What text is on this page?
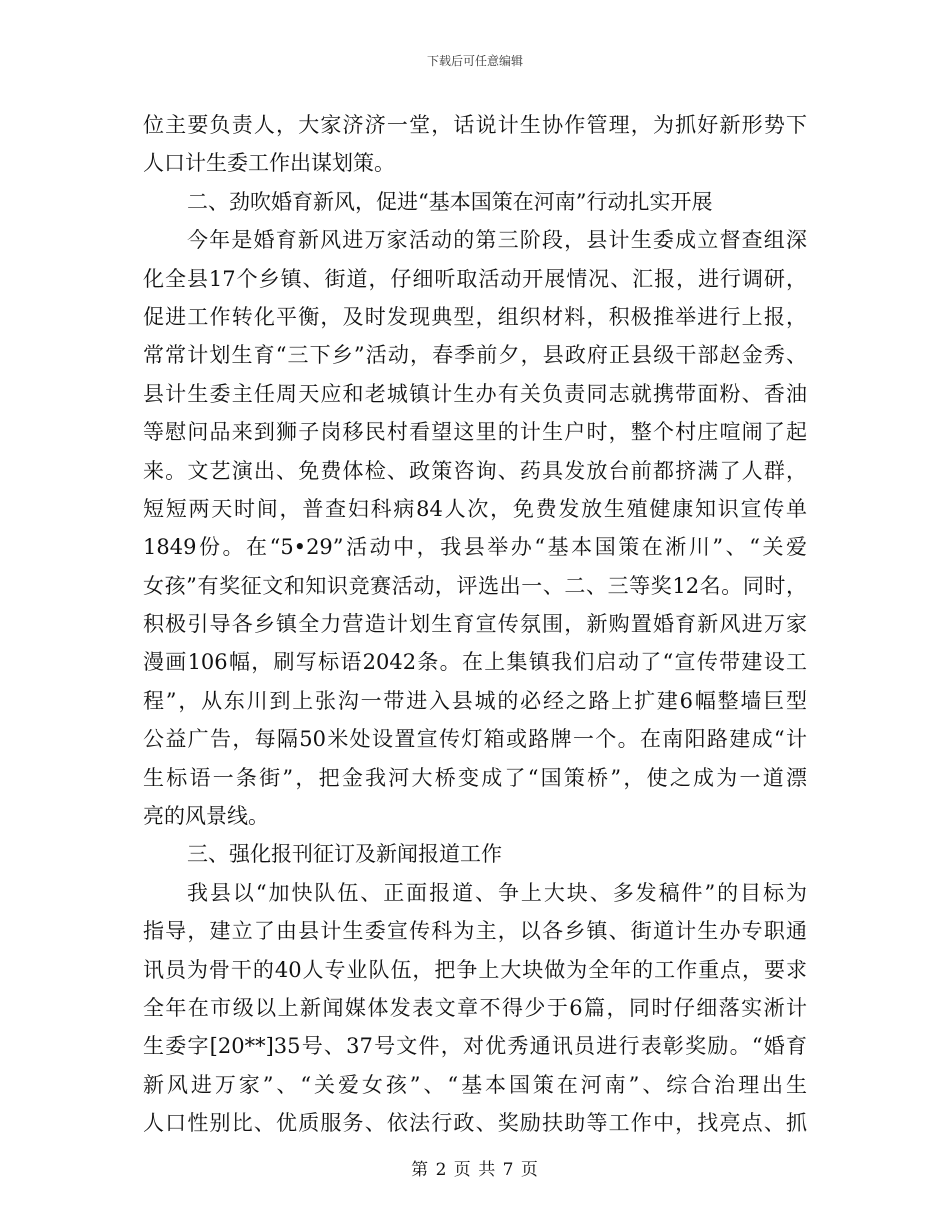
下载后可任意编辑
位主要负责人，大家济济一堂，话说计生协作管理，为抓好新形势下
人口计生委工作出谋划策。
二、劲吹婚育新风，促进“基本国策在河南”行动扎实开展
今年是婚育新风进万家活动的第三阶段，县计生委成立督查组深
化全县17个乡镇、街道，仔细听取活动开展情况、汇报，进行调研，
促进工作转化平衡，及时发现典型，组织材料，积极推举进行上报，
常常计划生育“三下乡”活动，春季前夕，县政府正县级干部赵金秀、
县计生委主任周天应和老城镇计生办有关负责同志就携带面粉、香油
等慰问品来到狮子岗移民村看望这里的计生户时，整个村庄喧闹了起
来。文艺演出、免费体检、政策咨询、药具发放台前都挤满了人群，
短短两天时间，普查妇科病84人次，免费发放生殖健康知识宣传单
1849份。在“5•29”活动中，我县举办“基本国策在淅川”、“关爱
女孩”有奖征文和知识竞赛活动，评选出一、二、三等奖12名。同时，
积极引导各乡镇全力营造计划生育宣传氛围，新购置婚育新风进万家
漫画106幅，刷写标语2042条。在上集镇我们启动了“宣传带建设工
程”，从东川到上张沟一带进入县城的必经之路上扩建6幅整墙巨型
公益广告，每隔50米处设置宣传灯箱或路牌一个。在南阳路建成“计
生标语一条街”，把金我河大桥变成了“国策桥”，使之成为一道漂
亮的风景线。
三、强化报刊征订及新闻报道工作
我县以“加快队伍、正面报道、争上大块、多发稿件”的目标为
指导，建立了由县计生委宣传科为主，以各乡镇、街道计生办专职通
讯员为骨干的40人专业队伍，把争上大块做为全年的工作重点，要求
全年在市级以上新闻媒体发表文章不得少于6篇，同时仔细落实淅计
生委字[20**]35号、37号文件，对优秀通讯员进行表彰奖励。“婚育
新风进万家”、“关爱女孩”、“基本国策在河南”、综合治理出生
人口性别比、优质服务、依法行政、奖励扶助等工作中，找亮点、抓
第 2 页 共 7 页
